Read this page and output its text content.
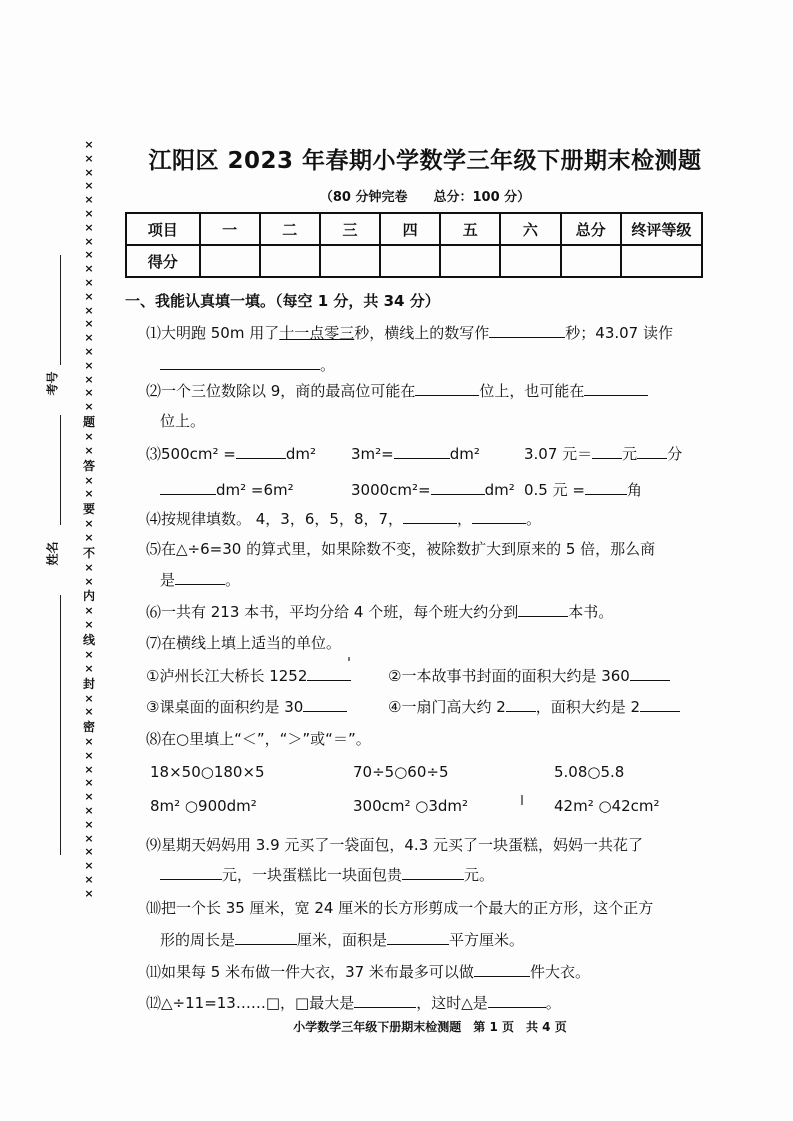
×
×
×
×
×
×
×
×
×
×
×
×
×
×
×
×
×
×
×
×
题
×
×
答
×
×
要
×
×
不
×
×
内
×
×
线
×
×
封
×
×
密
×
×
×
×
×
×
×
×
×
×
×
×
考号
姓名
江阳区 2023 年春期小学数学三年级下册期末检测题
（80 分钟完卷　　总分：100 分）
项目	一	二	三	四	五	六	总分	终评等级
得分								
一、我能认真填一填。（每空 1 分，共 34 分）
⑴大明跑 50m 用了十一点零三秒，横线上的数写作	秒；43.07 读作
。
⑵一个三位数除以 9，商的最高位可能在	位上，也可能在
位上。
⑶500cm² =	dm² 3m²=	dm²	3.07 元＝ 元 分
dm² =6m²	3000cm²=	dm² 0.5 元 =	角
⑷按规律填数。 4，3，6，5，8，7，	，	。
⑸在△÷6=30 的算式里，如果除数不变，被除数扩大到原来的 5 倍，那么商
是	。
⑹一共有 213 本书，平均分给 4 个班，每个班大约分到	本书。
⑺在横线上填上适当的单位。
①泸州长江大桥长 1252	②一本故事书封面的面积大约是 360
③课桌面的面积约是 30	④一扇门高大约 2 ，面积大约是 2
⑻在○里填上“＜”，“＞”或“＝”。
18×50○180×5	70÷5○60÷5	5.08○5.8
8m² ○900dm²	300cm² ○3dm²	42m² ○42cm²
⑼星期天妈妈用 3.9 元买了一袋面包，4.3 元买了一块蛋糕，妈妈一共花了
元，一块蛋糕比一块面包贵	元。
⑽把一个长 35 厘米，宽 24 厘米的长方形剪成一个最大的正方形，这个正方
形的周长是	厘米，面积是	平方厘米。
⑾如果每 5 米布做一件大衣，37 米布最多可以做	件大衣。
⑿△÷11=13……□，□最大是	，这时△是	。
小学数学三年级下册期末检测题　第 1 页　共 4 页
